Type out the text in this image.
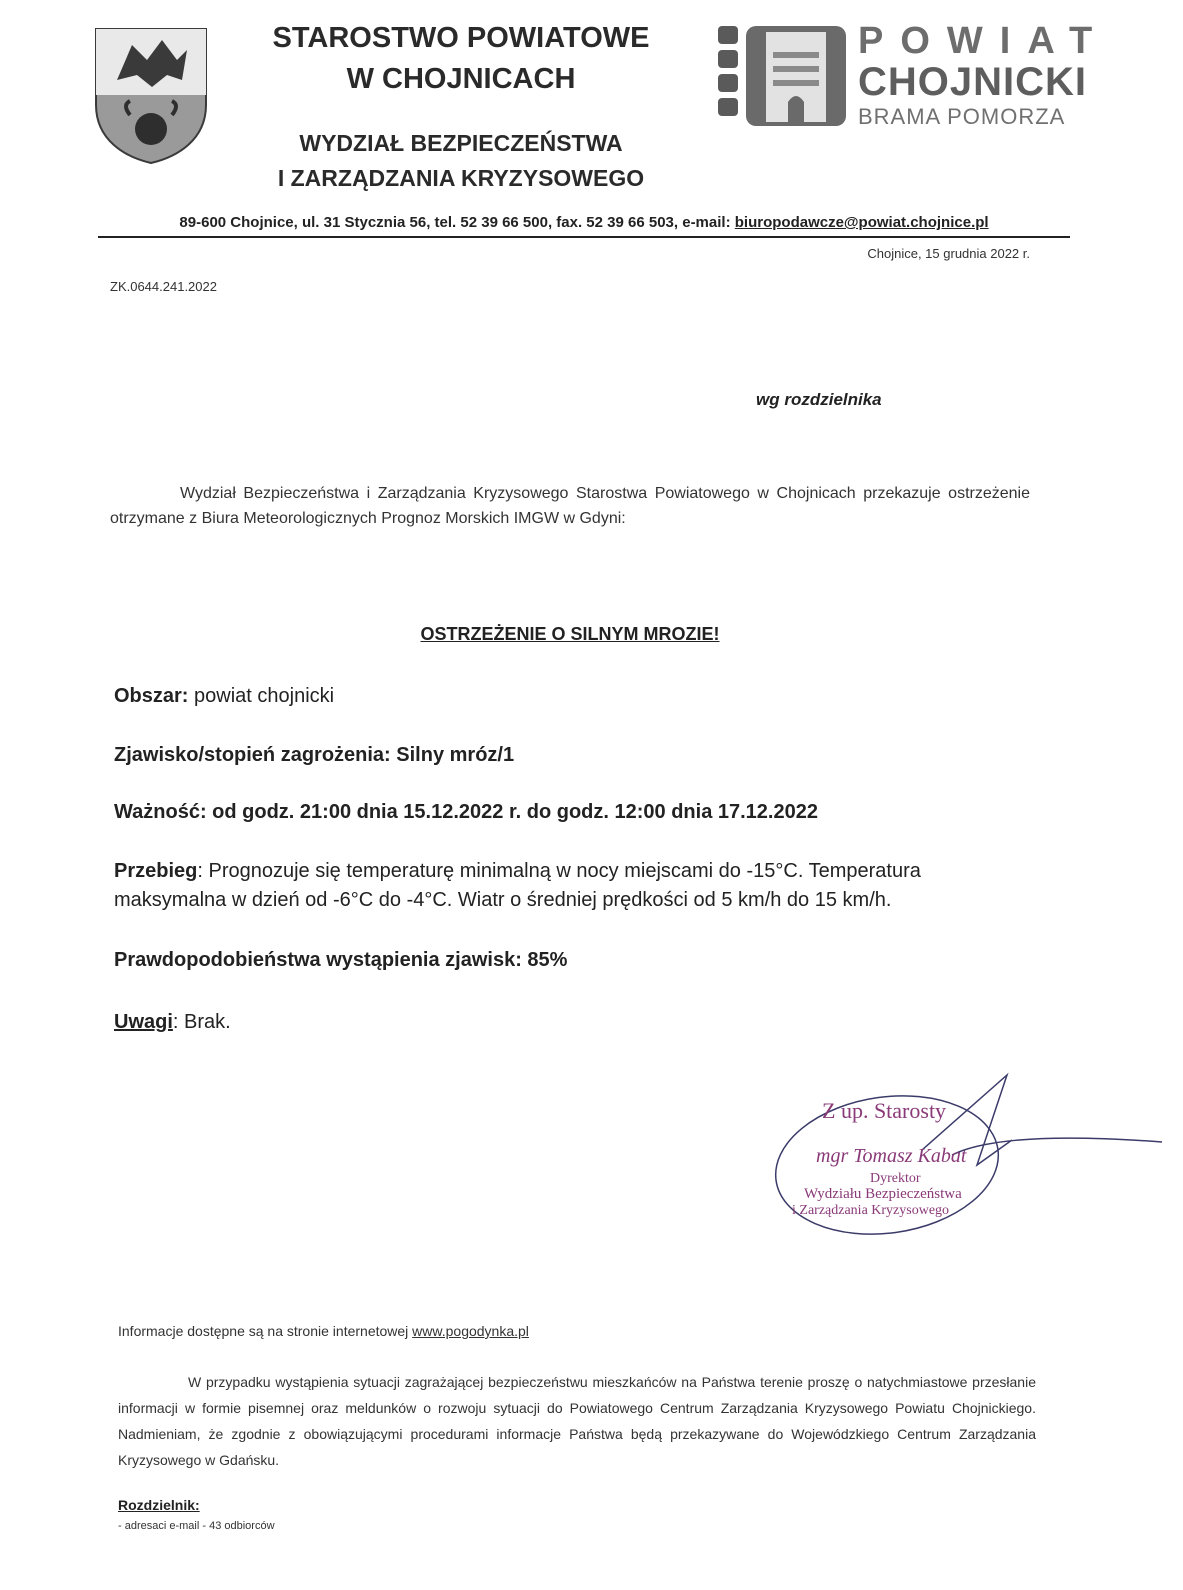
STAROSTWO POWIATOWE
W CHOJNICACH
WYDZIAŁ BEZPIECZEŃSTWA
I ZARZĄDZANIA KRYZYSOWEGO
POWIAT
CHOJNICKI
BRAMA POMORZA
89-600 Chojnice, ul. 31 Stycznia 56, tel. 52 39 66 500, fax. 52 39 66 503, e-mail: biuropodawcze@powiat.chojnice.pl
Chojnice, 15 grudnia 2022 r.
ZK.0644.241.2022
wg rozdzielnika
Wydział Bezpieczeństwa i Zarządzania Kryzysowego Starostwa Powiatowego w Chojnicach przekazuje ostrzeżenie otrzymane z Biura Meteorologicznych Prognoz Morskich IMGW w Gdyni:
OSTRZEŻENIE O SILNYM MROZIE!
Obszar: powiat chojnicki
Zjawisko/stopień zagrożenia: Silny mróz/1
Ważność: od godz. 21:00 dnia 15.12.2022 r. do godz. 12:00 dnia 17.12.2022
Przebieg: Prognozuje się temperaturę minimalną w nocy miejscami do -15°C. Temperatura maksymalna w dzień od -6°C do -4°C. Wiatr o średniej prędkości od 5 km/h do 15 km/h.
Prawdopodobieństwa wystąpienia zjawisk: 85%
Uwagi: Brak.
Z up. Starosty
mgr Tomasz Kabat
Dyrektor
Wydziału Bezpieczeństwa
i Zarządzania Kryzysowego
Informacje dostępne są na stronie internetowej www.pogodynka.pl
W przypadku wystąpienia sytuacji zagrażającej bezpieczeństwu mieszkańców na Państwa terenie proszę o natychmiastowe przesłanie informacji w formie pisemnej oraz meldunków o rozwoju sytuacji do Powiatowego Centrum Zarządzania Kryzysowego Powiatu Chojnickiego. Nadmieniam, że zgodnie z obowiązującymi procedurami informacje Państwa będą przekazywane do Wojewódzkiego Centrum Zarządzania Kryzysowego w Gdańsku.
Rozdzielnik:
- adresaci e-mail - 43 odbiorców
